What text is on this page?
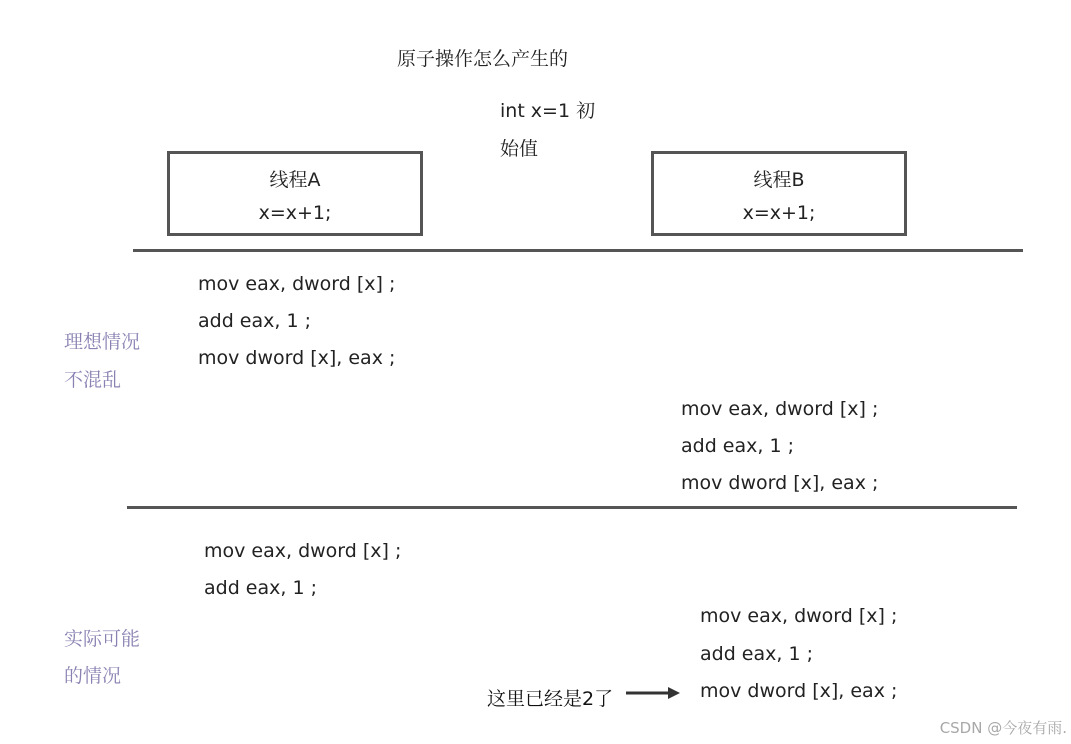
原子操作怎么产生的
int x=1 初
始值
线程A
x=x+1;
线程B
x=x+1;
理想情况
不混乱
mov eax, dword [x] ;
add eax, 1 ;
mov dword [x], eax ;
mov eax, dword [x] ;
add eax, 1 ;
mov dword [x], eax ;
实际可能
的情况
mov eax, dword [x] ;
add eax, 1 ;
mov eax, dword [x] ;
add eax, 1 ;
mov dword [x], eax ;
这里已经是2了
CSDN @今夜有雨.
